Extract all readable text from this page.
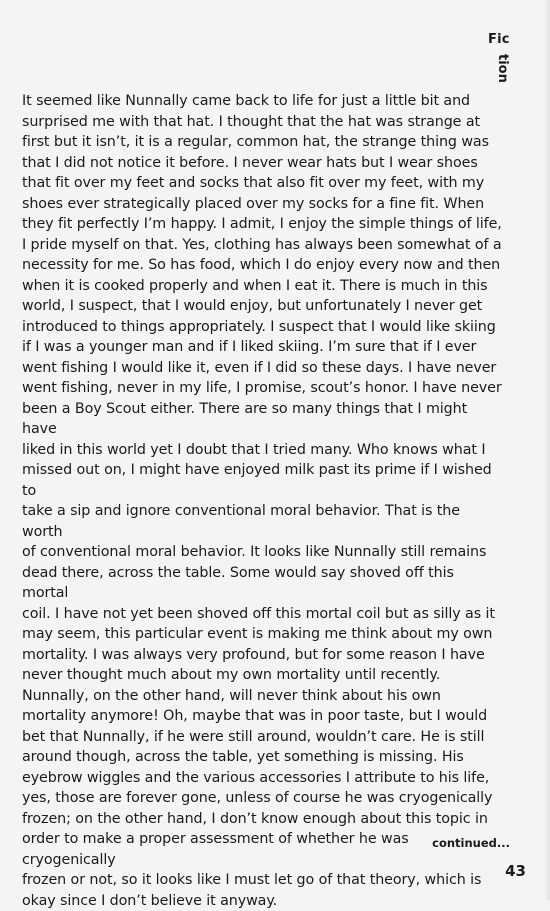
Fic
tion

It seemed like Nunnally came back to life for just a little bit and
surprised me with that hat. I thought that the hat was strange at
first but it isn’t, it is a regular, common hat, the strange thing was
that I did not notice it before. I never wear hats but I wear shoes
that fit over my feet and socks that also fit over my feet, with my
shoes ever strategically placed over my socks for a fine fit. When
they fit perfectly I’m happy. I admit, I enjoy the simple things of life,
I pride myself on that. Yes, clothing has always been somewhat of a
necessity for me. So has food, which I do enjoy every now and then
when it is cooked properly and when I eat it. There is much in this
world, I suspect, that I would enjoy, but unfortunately I never get
introduced to things appropriately. I suspect that I would like skiing
if I was a younger man and if I liked skiing. I’m sure that if I ever
went fishing I would like it, even if I did so these days. I have never
went fishing, never in my life, I promise, scout’s honor. I have never
been a Boy Scout either. There are so many things that I might have
liked in this world yet I doubt that I tried many. Who knows what I
missed out on, I might have enjoyed milk past its prime if I wished to
take a sip and ignore conventional moral behavior. That is the worth
of conventional moral behavior. It looks like Nunnally still remains
dead there, across the table. Some would say shoved off this mortal
coil. I have not yet been shoved off this mortal coil but as silly as it
may seem, this particular event is making me think about my own
mortality. I was always very profound, but for some reason I have
never thought much about my own mortality until recently.
Nunnally, on the other hand, will never think about his own
mortality anymore! Oh, maybe that was in poor taste, but I would
bet that Nunnally, if he were still around, wouldn’t care. He is still
around though, across the table, yet something is missing. His
eyebrow wiggles and the various accessories I attribute to his life,
yes, those are forever gone, unless of course he was cryogenically
frozen; on the other hand, I don’t know enough about this topic in
order to make a proper assessment of whether he was cryogenically
frozen or not, so it looks like I must let go of that theory, which is
okay since I don’t believe it anyway.

continued...
43
